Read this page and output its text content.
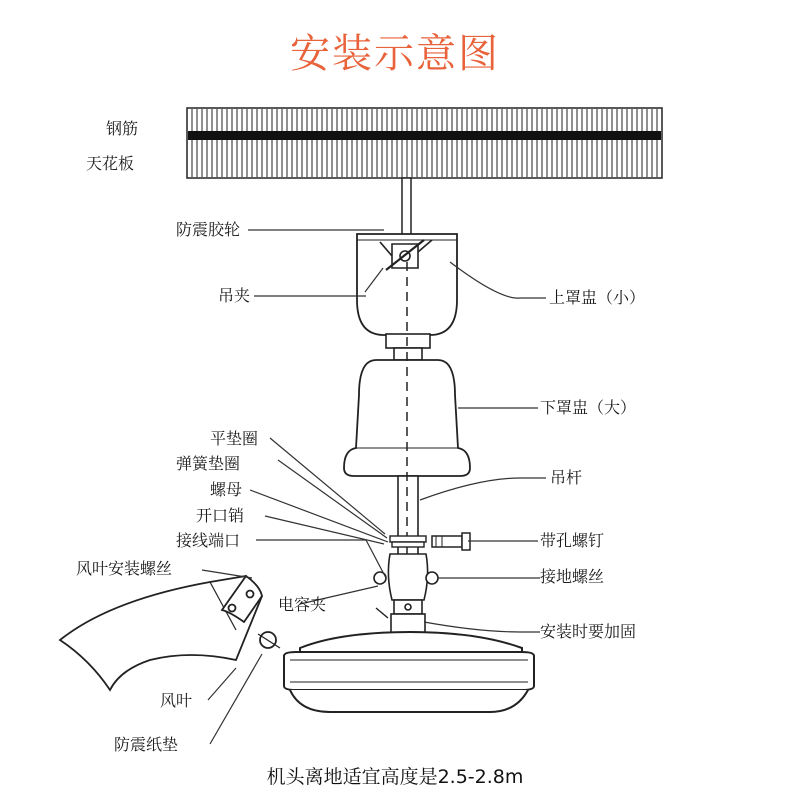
安装示意图
钢筋
天花板
防震胶轮
吊夹	上罩盅（小）
下罩盅（大）
平垫圈
弹簧垫圈
螺母
开口销
接线端口
吊杆
带孔螺钉
接地螺丝
风叶安装螺丝
电容夹
安装时要加固
风叶
防震纸垫
机头离地适宜高度是2.5-2.8m
